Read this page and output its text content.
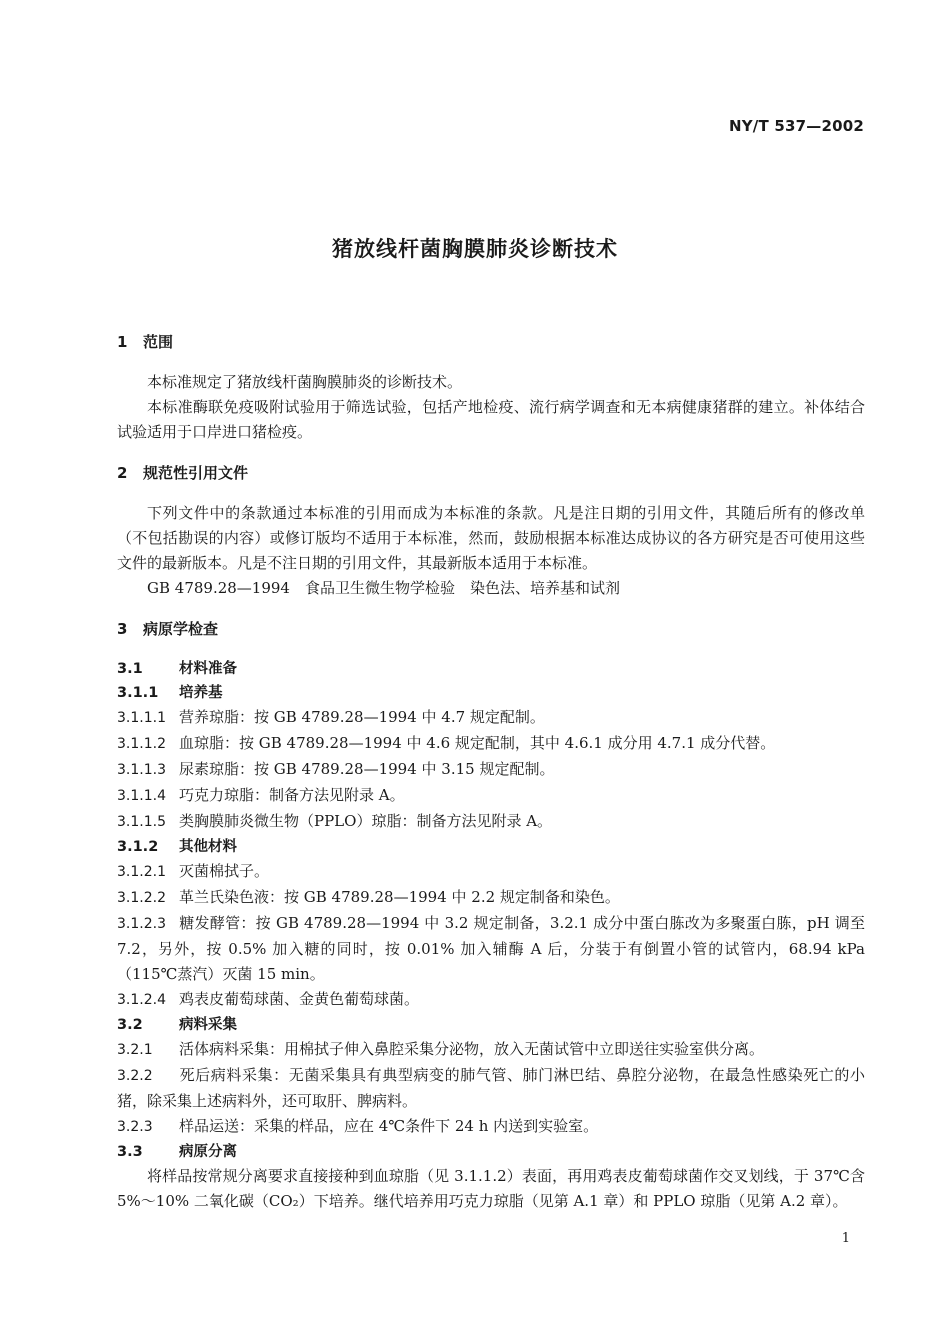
NY/T 537—2002
猪放线杆菌胸膜肺炎诊断技术
1 范围

本标准规定了猪放线杆菌胸膜肺炎的诊断技术。

本标准酶联免疫吸附试验用于筛选试验，包括产地检疫、流行病学调查和无本病健康猪群的建立。补体结合试验适用于口岸进口猪检疫。

2 规范性引用文件

下列文件中的条款通过本标准的引用而成为本标准的条款。凡是注日期的引用文件，其随后所有的修改单（不包括勘误的内容）或修订版均不适用于本标准，然而，鼓励根据本标准达成协议的各方研究是否可使用这些文件的最新版本。凡是不注日期的引用文件，其最新版本适用于本标准。

GB 4789.28—1994　食品卫生微生物学检验　染色法、培养基和试剂

3 病原学检查
3.1	材料准备
3.1.1 培养基

3.1.1.1 营养琼脂：按 GB 4789.28—1994 中 4.7 规定配制。

3.1.1.2 血琼脂：按 GB 4789.28—1994 中 4.6 规定配制，其中 4.6.1 成分用 4.7.1 成分代替。

3.1.1.3 尿素琼脂：按 GB 4789.28—1994 中 3.15 规定配制。

3.1.1.4 巧克力琼脂：制备方法见附录 A。

3.1.1.5 类胸膜肺炎微生物（PPLO）琼脂：制备方法见附录 A。

3.1.2 其他材料

3.1.2.1 灭菌棉拭子。

3.1.2.2 革兰氏染色液：按 GB 4789.28—1994 中 2.2 规定制备和染色。

3.1.2.3 糖发酵管：按 GB 4789.28—1994 中 3.2 规定制备，3.2.1 成分中蛋白胨改为多聚蛋白胨，pH 调至 7.2，另外，按 0.5% 加入糖的同时，按 0.01% 加入辅酶 A 后，分装于有倒置小管的试管内，68.94 kPa（115℃蒸汽）灭菌 15 min。

3.1.2.4 鸡表皮葡萄球菌、金黄色葡萄球菌。

3.2	病料采集

3.2.1 活体病料采集：用棉拭子伸入鼻腔采集分泌物，放入无菌试管中立即送往实验室供分离。

3.2.2 死后病料采集：无菌采集具有典型病变的肺气管、肺门淋巴结、鼻腔分泌物，在最急性感染死亡的小猪，除采集上述病料外，还可取肝、脾病料。

3.2.3 样品运送：采集的样品，应在 4℃条件下 24 h 内送到实验室。

3.3	病原分离

将样品按常规分离要求直接接种到血琼脂（见 3.1.1.2）表面，再用鸡表皮葡萄球菌作交叉划线，于 37℃含 5%～10% 二氧化碳（CO₂）下培养。继代培养用巧克力琼脂（见第 A.1 章）和 PPLO 琼脂（见第 A.2 章）。

1
